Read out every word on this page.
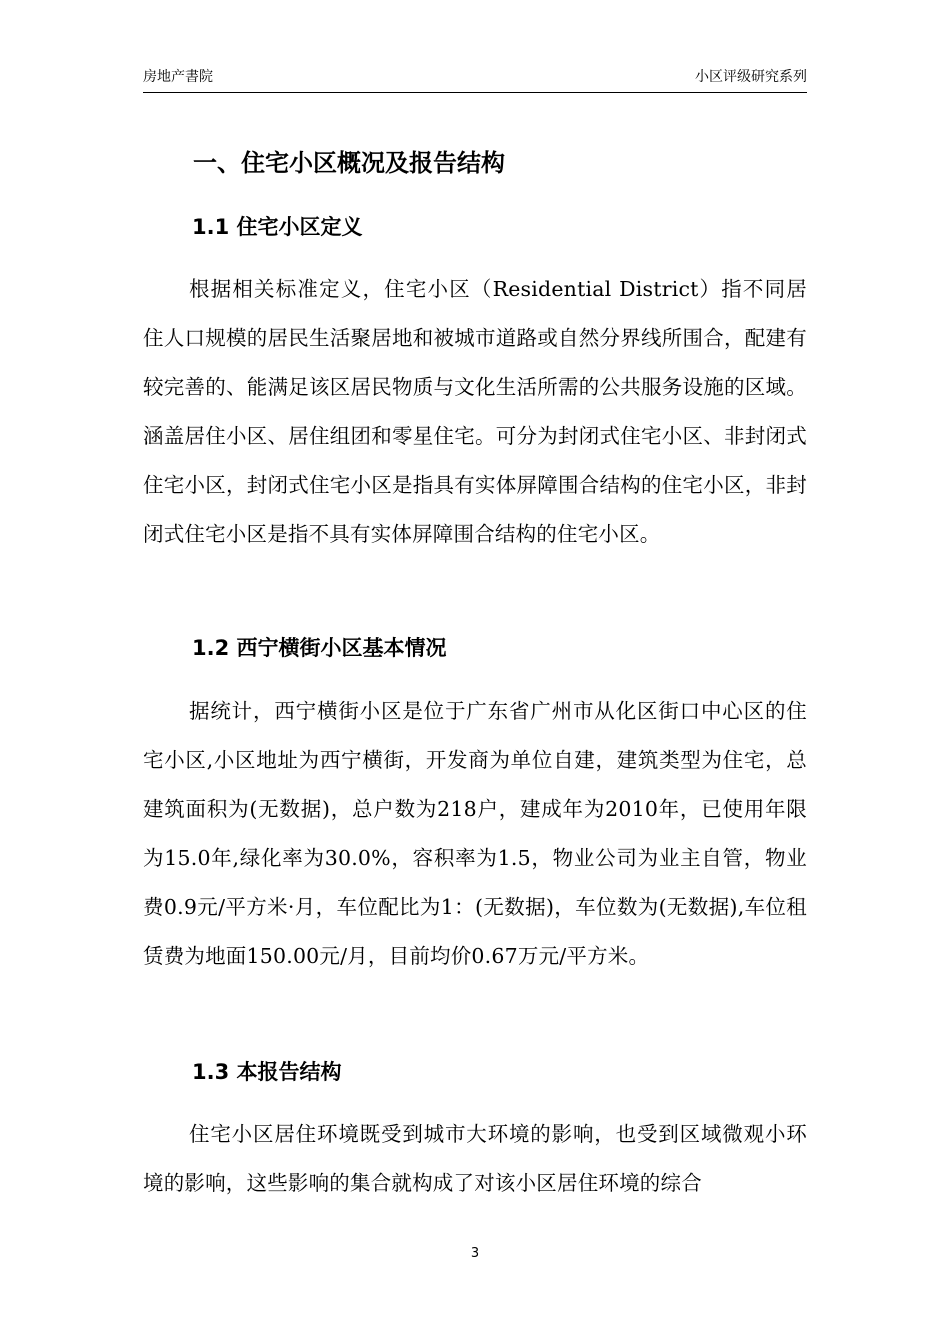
房地产書院	小区评级研究系列
一、住宅小区概况及报告结构
1.1 住宅小区定义

根据相关标准定义，住宅小区（Residential District）指不同居住人口规模的居民生活聚居地和被城市道路或自然分界线所围合，配建有较完善的、能满足该区居民物质与文化生活所需的公共服务设施的区域。涵盖居住小区、居住组团和零星住宅。可分为封闭式住宅小区、非封闭式住宅小区，封闭式住宅小区是指具有实体屏障围合结构的住宅小区，非封闭式住宅小区是指不具有实体屏障围合结构的住宅小区。

1.2 西宁横街小区基本情况

据统计，西宁横街小区是位于广东省广州市从化区街口中心区的住宅小区,小区地址为西宁横街，开发商为单位自建，建筑类型为住宅，总建筑面积为(无数据)，总户数为218户，建成年为2010年，已使用年限为15.0年,绿化率为30.0%，容积率为1.5，物业公司为业主自管，物业费0.9元/平方米·月，车位配比为1：(无数据)，车位数为(无数据),车位租赁费为地面150.00元/月，目前均价0.67万元/平方米。

1.3 本报告结构

住宅小区居住环境既受到城市大环境的影响，也受到区域微观小环境的影响，这些影响的集合就构成了对该小区居住环境的综合

3
